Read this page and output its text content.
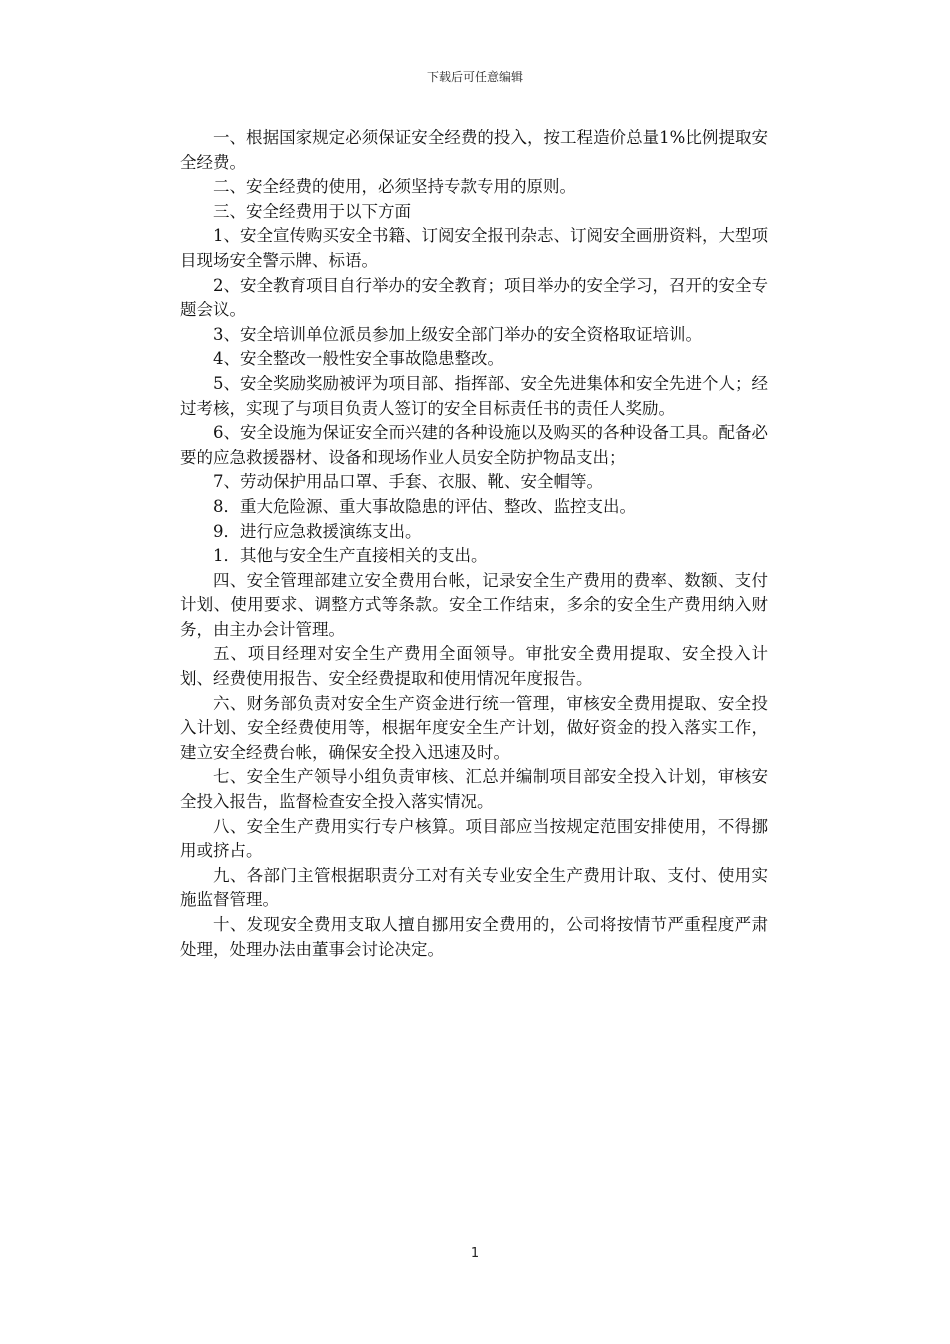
下载后可任意编辑

一、根据国家规定必须保证安全经费的投入，按工程造价总量1%比例提取安全经费。

二、安全经费的使用，必须坚持专款专用的原则。

三、安全经费用于以下方面

1、安全宣传购买安全书籍、订阅安全报刊杂志、订阅安全画册资料，大型项目现场安全警示牌、标语。

2、安全教育项目自行举办的安全教育；项目举办的安全学习，召开的安全专题会议。

3、安全培训单位派员参加上级安全部门举办的安全资格取证培训。

4、安全整改一般性安全事故隐患整改。

5、安全奖励奖励被评为项目部、指挥部、安全先进集体和安全先进个人；经过考核，实现了与项目负责人签订的安全目标责任书的责任人奖励。

6、安全设施为保证安全而兴建的各种设施以及购买的各种设备工具。配备必要的应急救援器材、设备和现场作业人员安全防护物品支出；

7、劳动保护用品口罩、手套、衣服、靴、安全帽等。

8．重大危险源、重大事故隐患的评估、整改、监控支出。

9．进行应急救援演练支出。

1．其他与安全生产直接相关的支出。

四、安全管理部建立安全费用台帐，记录安全生产费用的费率、数额、支付计划、使用要求、调整方式等条款。安全工作结束，多余的安全生产费用纳入财务，由主办会计管理。

五、项目经理对安全生产费用全面领导。审批安全费用提取、安全投入计划、经费使用报告、安全经费提取和使用情况年度报告。

六、财务部负责对安全生产资金进行统一管理，审核安全费用提取、安全投入计划、安全经费使用等，根据年度安全生产计划，做好资金的投入落实工作，建立安全经费台帐，确保安全投入迅速及时。

七、安全生产领导小组负责审核、汇总并编制项目部安全投入计划，审核安全投入报告，监督检查安全投入落实情况。

八、安全生产费用实行专户核算。项目部应当按规定范围安排使用，不得挪用或挤占。

九、各部门主管根据职责分工对有关专业安全生产费用计取、支付、使用实施监督管理。

十、发现安全费用支取人擅自挪用安全费用的，公司将按情节严重程度严肃处理，处理办法由董事会讨论决定。

1
